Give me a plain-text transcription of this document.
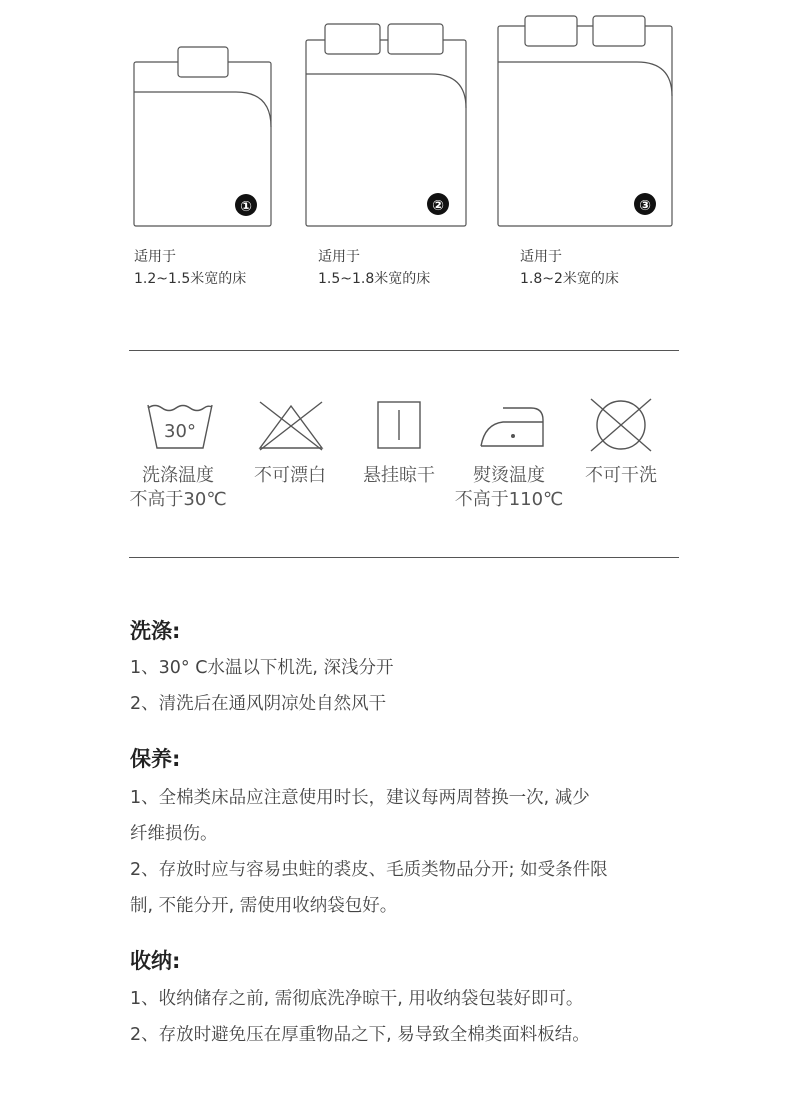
①
适用于
1.2~1.5米宽的床
②
适用于
1.5~1.8米宽的床
③
适用于
1.8~2米宽的床
30°
洗涤温度
不高于30℃
不可漂白	悬挂晾干	熨烫温度
不高于110℃
不可干洗
洗涤:
1、30° C水温以下机洗, 深浅分开
2、清洗后在通风阴凉处自然风干
保养:
1、全棉类床品应注意使用时长，建议每两周替换一次, 减少
纤维损伤。
2、存放时应与容易虫蛀的裘皮、毛质类物品分开; 如受条件限
制, 不能分开, 需使用收纳袋包好。
收纳:
1、收纳储存之前, 需彻底洗净晾干, 用收纳袋包装好即可。
2、存放时避免压在厚重物品之下, 易导致全棉类面料板结。
